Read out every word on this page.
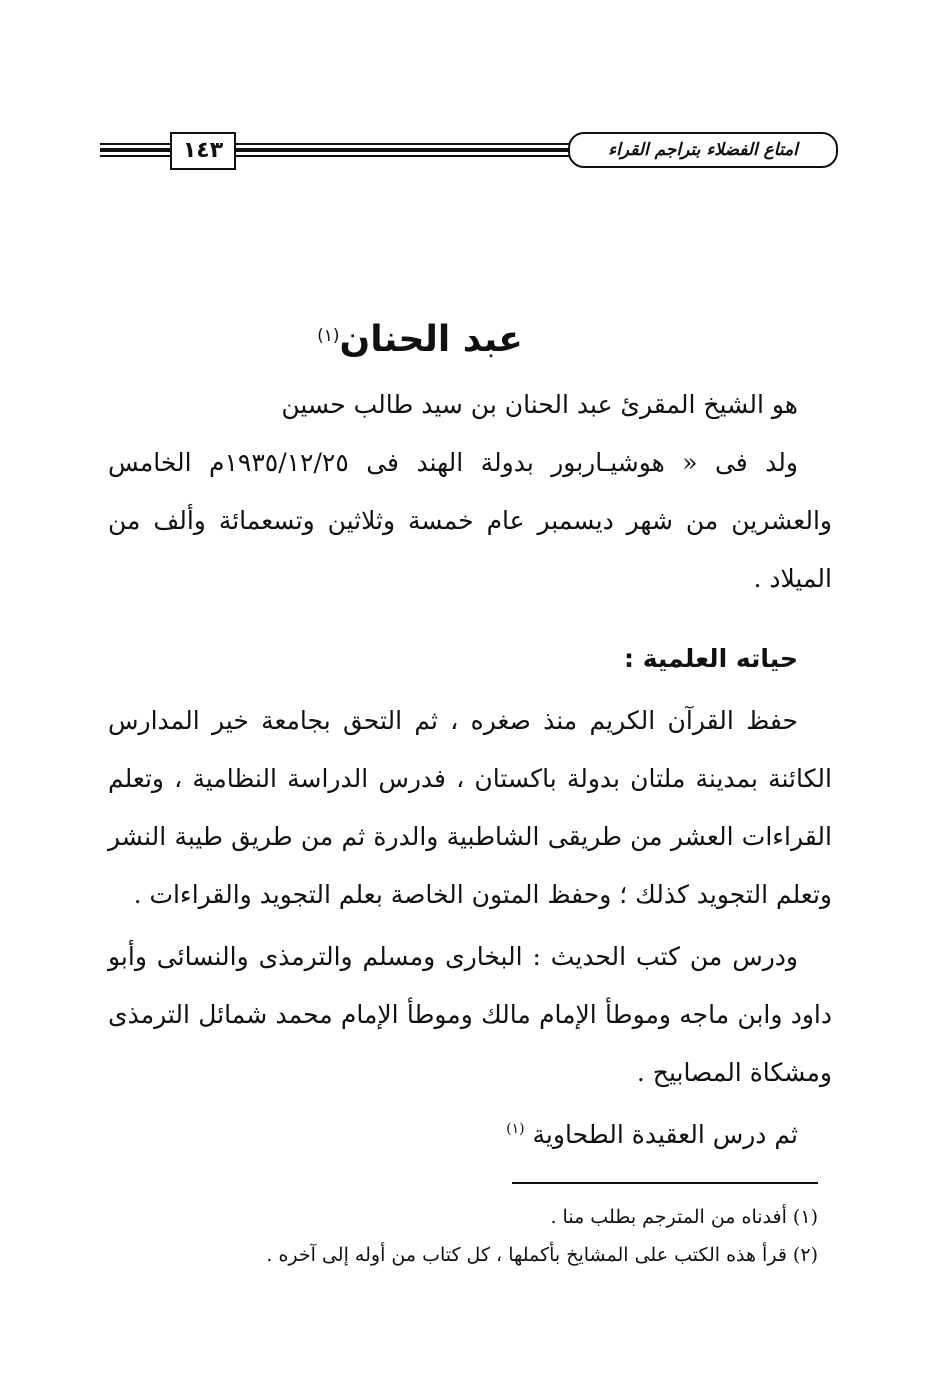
١٤٣	امتاع الفضلاء بتراجم القراء
عبد الحنان$^{(١)}$

هو الشيخ المقرئ عبد الحنان بن سيد طالب حسين

ولد فى « هوشيـاربور بدولة الهند فى ١٩٣٥/١٢/٢٥م الخامس والعشرين من شهر ديسمبر عام خمسة وثلاثين وتسعمائة وألف من الميلاد .

حياته العلمية :

حفظ القرآن الكريم منذ صغره ، ثم التحق بجامعة خير المدارس الكائنة بمدينة ملتان بدولة باكستان ، فدرس الدراسة النظامية ، وتعلم القراءات العشر من طريقى الشاطبية والدرة ثم من طريق طيبة النشر وتعلم التجويد كذلك ؛ وحفظ المتون الخاصة بعلم التجويد والقراءات .

ودرس من كتب الحديث : البخارى ومسلم والترمذى والنسائى وأبو داود وابن ماجه وموطأ الإمام مالك وموطأ الإمام محمد شمائل الترمذى ومشكاة المصابيح .

ثم درس العقيدة الطحاوية $^{(١)}$

(١) أفدناه من المترجم بطلب منا .

(٢) قرأ هذه الكتب على المشايخ بأكملها ، كل كتاب من أوله إلى آخره .
